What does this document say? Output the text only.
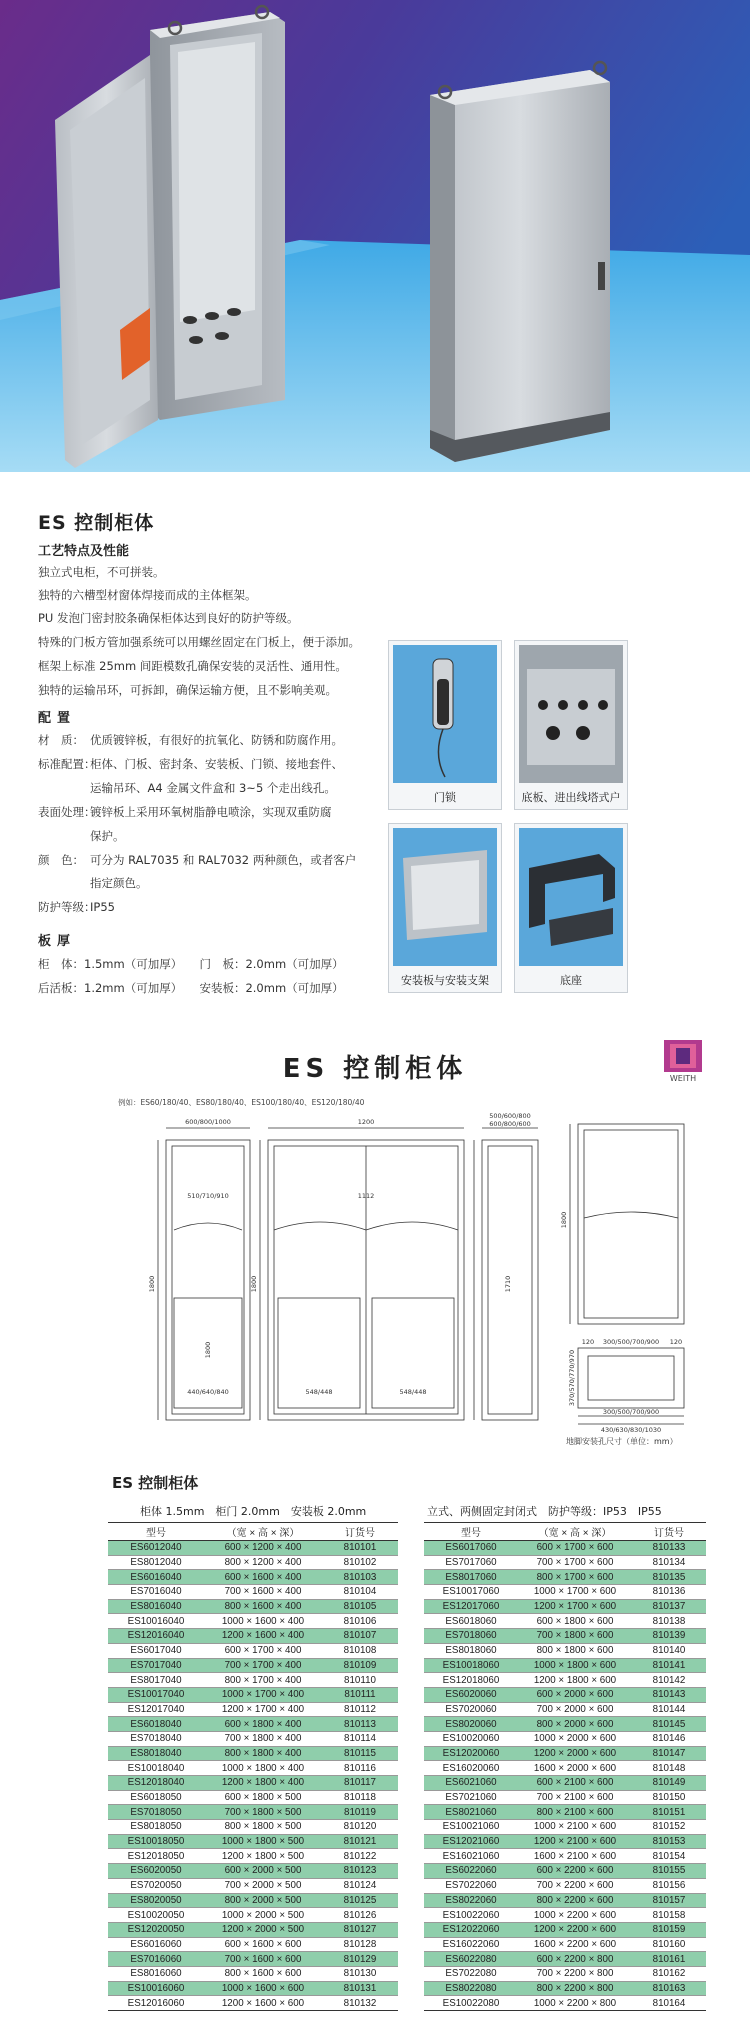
ES 控制柜体
工艺特点及性能
独立式电柜，不可拼装。
独特的六槽型材窗体焊接而成的主体框架。
PU 发泡门密封胶条确保柜体达到良好的防护等级。
特殊的门板方管加强系统可以用螺丝固定在门板上，便于添加。
框架上标准 25mm 间距模数孔确保安装的灵活性、通用性。
独特的运输吊环，可拆卸，确保运输方便，且不影响美观。
配置
材　质： 优质镀锌板，有很好的抗氧化、防锈和防腐作用。
标准配置：柜体、门板、密封条、安装板、门锁、接地套件、
运输吊环、A4 金属文件盒和 3~5 个走出线孔。
表面处理：镀锌板上采用环氧树脂静电喷涂，实现双重防腐
保护。
颜　色： 可分为 RAL7035 和 RAL7032 两种颜色，或者客户
指定颜色。
防护等级：IP55
板厚
柜　体：1.5mm（可加厚）　　 门　板：2.0mm（可加厚）
后活板：1.2mm（可加厚）　　 安装板：2.0mm（可加厚）
门锁	底板、进出线塔式户
安装板与安装支架	底座
ES 控制柜体	WEITH
例如：ES60/180/40、ES80/180/40、ES100/180/40、ES120/180/40
600/800/1000	1200
500/600/800
600/800/600
510/710/910	1112
1800	1800
1800
1710
440/640/840	548/448	548/448
1800
120 300/500/700/900 120
370/570/770/970
300/500/700/900
430/630/830/1030
地脚安装孔尺寸（单位：mm）
ES 控制柜体
柜体 1.5mm　柜门 2.0mm　安装板 2.0mm	立式、两侧固定封闭式　防护等级：IP53　IP55
型号	（宽 × 高 × 深）	订货号
ES6012040	600 × 1200 × 400	810101
ES8012040	800 × 1200 × 400	810102
ES6016040	600 × 1600 × 400	810103
ES7016040	700 × 1600 × 400	810104
ES8016040	800 × 1600 × 400	810105
ES10016040	1000 × 1600 × 400	810106
ES12016040	1200 × 1600 × 400	810107
ES6017040	600 × 1700 × 400	810108
ES7017040	700 × 1700 × 400	810109
ES8017040	800 × 1700 × 400	810110
ES10017040	1000 × 1700 × 400	810111
ES12017040	1200 × 1700 × 400	810112
ES6018040	600 × 1800 × 400	810113
ES7018040	700 × 1800 × 400	810114
ES8018040	800 × 1800 × 400	810115
ES10018040	1000 × 1800 × 400	810116
ES12018040	1200 × 1800 × 400	810117
ES6018050	600 × 1800 × 500	810118
ES7018050	700 × 1800 × 500	810119
ES8018050	800 × 1800 × 500	810120
ES10018050	1000 × 1800 × 500	810121
ES12018050	1200 × 1800 × 500	810122
ES6020050	600 × 2000 × 500	810123
ES7020050	700 × 2000 × 500	810124
ES8020050	800 × 2000 × 500	810125
ES10020050	1000 × 2000 × 500	810126
ES12020050	1200 × 2000 × 500	810127
ES6016060	600 × 1600 × 600	810128
ES7016060	700 × 1600 × 600	810129
ES8016060	800 × 1600 × 600	810130
ES10016060	1000 × 1600 × 600	810131
ES12016060	1200 × 1600 × 600	810132
型号	（宽 × 高 × 深）	订货号
ES6017060	600 × 1700 × 600	810133
ES7017060	700 × 1700 × 600	810134
ES8017060	800 × 1700 × 600	810135
ES10017060	1000 × 1700 × 600	810136
ES12017060	1200 × 1700 × 600	810137
ES6018060	600 × 1800 × 600	810138
ES7018060	700 × 1800 × 600	810139
ES8018060	800 × 1800 × 600	810140
ES10018060	1000 × 1800 × 600	810141
ES12018060	1200 × 1800 × 600	810142
ES6020060	600 × 2000 × 600	810143
ES7020060	700 × 2000 × 600	810144
ES8020060	800 × 2000 × 600	810145
ES10020060	1000 × 2000 × 600	810146
ES12020060	1200 × 2000 × 600	810147
ES16020060	1600 × 2000 × 600	810148
ES6021060	600 × 2100 × 600	810149
ES7021060	700 × 2100 × 600	810150
ES8021060	800 × 2100 × 600	810151
ES10021060	1000 × 2100 × 600	810152
ES12021060	1200 × 2100 × 600	810153
ES16021060	1600 × 2100 × 600	810154
ES6022060	600 × 2200 × 600	810155
ES7022060	700 × 2200 × 600	810156
ES8022060	800 × 2200 × 600	810157
ES10022060	1000 × 2200 × 600	810158
ES12022060	1200 × 2200 × 600	810159
ES16022060	1600 × 2200 × 600	810160
ES6022080	600 × 2200 × 800	810161
ES7022080	700 × 2200 × 800	810162
ES8022080	800 × 2200 × 800	810163
ES10022080	1000 × 2200 × 800	810164
